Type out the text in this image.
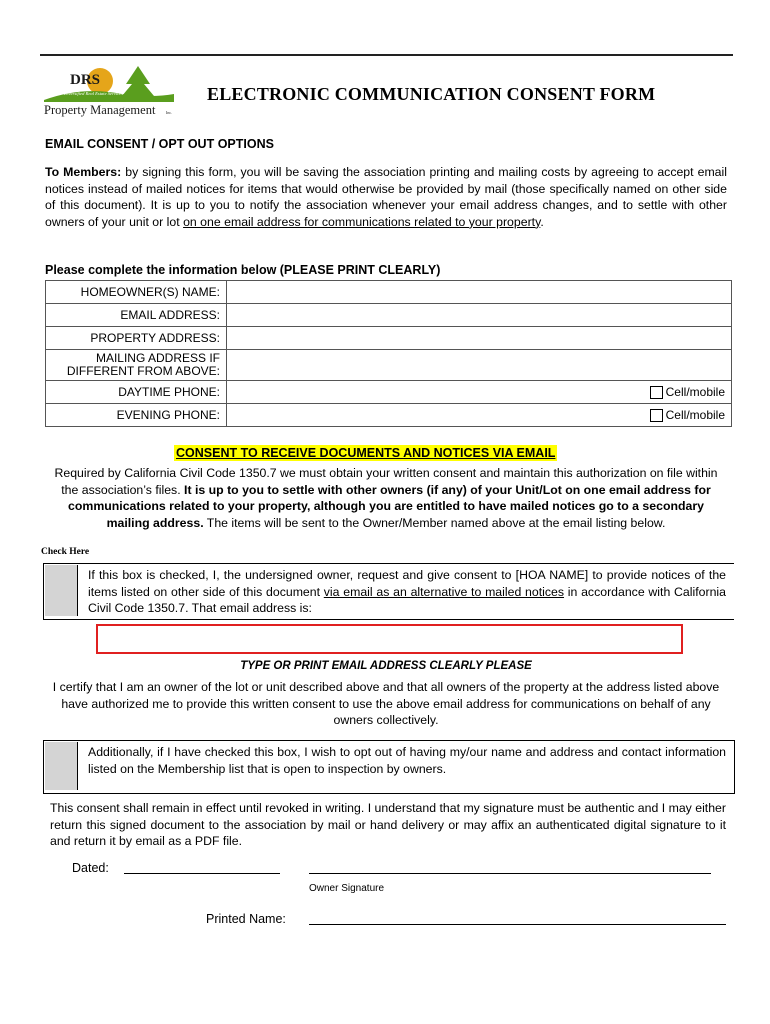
DRS
Diversified Real Estate Services
Property Management	Inc.
ELECTRONIC COMMUNICATION CONSENT FORM
EMAIL CONSENT / OPT OUT OPTIONS
To Members: by signing this form, you will be saving the association printing and mailing costs by agreeing to accept email notices instead of mailed notices for items that would otherwise be provided by mail (those specifically named on other side of this document). It is up to you to notify the association whenever your email address changes, and to settle with other owners of your unit or lot on one email address for communications related to your property.
Please complete the information below (PLEASE PRINT CLEARLY)
HOMEOWNER(S) NAME:	
EMAIL ADDRESS:	
PROPERTY ADDRESS:	
MAILING ADDRESS IF DIFFERENT FROM ABOVE:	
DAYTIME PHONE:	Cell/mobile

EVENING PHONE:	Cell/mobile
CONSENT TO RECEIVE DOCUMENTS AND NOTICES VIA EMAIL
Required by California Civil Code 1350.7 we must obtain your written consent and maintain this authorization on file within the association’s files. It is up to you to settle with other owners (if any) of your Unit/Lot on one email address for communications related to your property, although you are entitled to have mailed notices go to a secondary mailing address. The items will be sent to the Owner/Member named above at the email listing below.
Check Here
If this box is checked, I, the undersigned owner, request and give consent to [HOA NAME] to provide notices of the items listed on other side of this document via email as an alternative to mailed notices in accordance with California Civil Code 1350.7. That email address is:
TYPE OR PRINT EMAIL ADDRESS CLEARLY PLEASE
I certify that I am an owner of the lot or unit described above and that all owners of the property at the address listed above have authorized me to provide this written consent to use the above email address for communications on behalf of any owners collectively.
Additionally, if I have checked this box, I wish to opt out of having my/our name and address and contact information listed on the Membership list that is open to inspection by owners.
This consent shall remain in effect until revoked in writing. I understand that my signature must be authentic and I may either return this signed document to the association by mail or hand delivery or may affix an authenticated digital signature to it and return it by email as a PDF file.
Dated:
Owner Signature
Printed Name:
